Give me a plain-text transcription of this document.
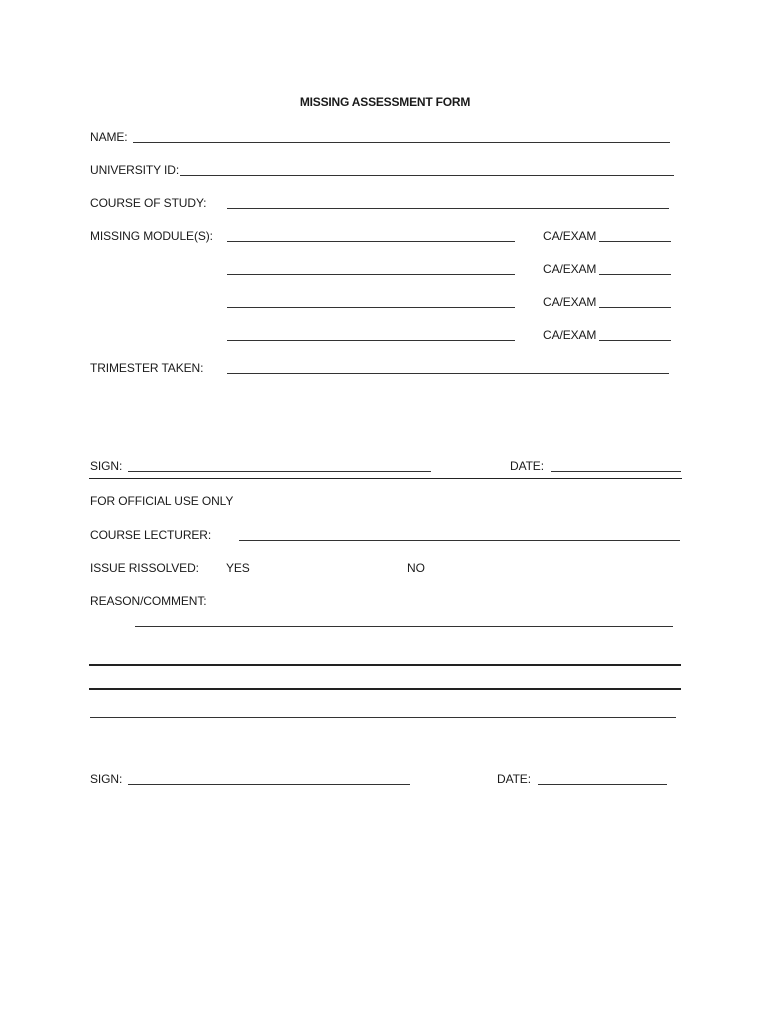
MISSING ASSESSMENT FORM
NAME:
UNIVERSITY ID:
COURSE OF STUDY:
MISSING MODULE(S):	CA/EXAM
CA/EXAM
CA/EXAM
CA/EXAM
TRIMESTER TAKEN:
SIGN:	DATE:
FOR OFFICIAL USE ONLY
COURSE LECTURER:
ISSUE RISSOLVED: YES	NO
REASON/COMMENT:
SIGN:	DATE:
